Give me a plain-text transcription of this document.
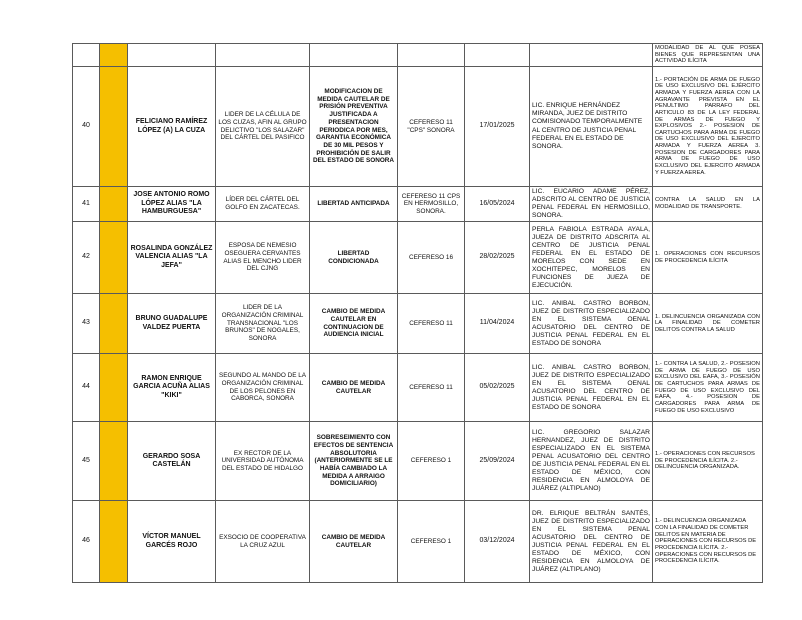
								MODALIDAD DE AL QUE POSEA BIENES QUE REPRESENTAN UNA ACTIVIDAD ILÍCITA
40		FELICIANO RAMÍREZ LÓPEZ (A) LA CUZA	LIDER DE LA CÉLULA DE LOS CUZAS, AFIN AL GRUPO DELICTIVO "LOS SALAZAR" DEL CÁRTEL DEL PASIFICO	MODIFICACION DE MEDIDA CAUTELAR DE PRISIÓN PREVENTIVA JUSTIFICADA A PRESENTACION PERIODICA POR MES, GARANTIA ECONÓMICA DE 30 MIL PESOS Y PROHIBICIÓN DE SALIR DEL ESTADO DE SONORA	CEFERESO 11 "CPS" SONORA	17/01/2025	LIC. ENRIQUE HERNÁNDEZ MIRANDA, JUEZ DE DISTRITO COMISIONADO TEMPORALMENTE AL CENTRO DE JUSTICIA PENAL FEDERAL EN EL ESTADO DE SONORA.	1.- PORTACIÓN DE ARMA DE FUEGO DE USO EXCLUSIVO DEL EJÉRCITO ARMADA Y FUERZA AEREA CON LA AGRAVANTE PREVISTA EN EL PENULTIMO PARRAFO DEL ARTICULO 83 DE LA LEY FEDERAL DE ARMAS DE FUEGO Y EXPLOSIVOS 2.- POSESION DE CARTUCHOS PARA ARMA DE FUEGO DE USO EXCLUSIVO DEL EJERCITO ARMADA Y FUERZA AEREA 3. POSESION DE CARGADORES PARA ARMA DE FUEGO DE USO EXCLUSIVO DEL EJERCITO ARMADA Y FUERZA AEREA.
41		JOSE ANTONIO ROMO LÓPEZ ALIAS "LA HAMBURGUESA"	LÍDER DEL CÁRTEL DEL GOLFO EN ZACATECAS.	LIBERTAD ANTICIPADA	CEFERESO 11 CPS EN HERMOSILLO, SONORA.	16/05/2024	LIC. EUCARIO ADAME PÉREZ, ADSCRITO AL CENTRO DE JUSTICIA PENAL FEDERAL EN HERMOSILLO, SONORA.	CONTRA LA SALUD EN LA MODALIDAD DE TRANSPORTE.
42		ROSALINDA GONZÁLEZ VALENCIA ALIAS "LA JEFA"	ESPOSA DE NEMESIO OSEGUERA CERVANTES ALIAS EL MENCHO LIDER DEL CJNG	LIBERTAD CONDICIONADA	CEFERESO 16	28/02/2025	PERLA FABIOLA ESTRADA AYALA, JUEZA DE DISTRITO ADSCRITA AL CENTRO DE JUSTICIA PENAL FEDERAL EN EL ESTADO DE MORELOS CON SEDE EN XOCHITEPEC, MORELOS EN FUNCIONES DE JUEZA DE EJECUCIÓN.	1. OPERACIONES CON RECURSOS DE PROCEDENCIA ILÍCITA
43		BRUNO GUADALUPE VALDEZ PUERTA	LIDER DE LA ORGANIZACIÓN CRIMINAL TRANSNACIONAL "LOS BRUNOS" DE NOGALES, SONORA	CAMBIO DE MEDIDA CAUTELAR EN CONTINUACION DE AUDIENCIA INICIAL	CEFERESO 11	11/04/2024	LIC. ANIBAL CASTRO BORBON, JUEZ DE DISTRITO ESPECIALIZADO EN EL SISTEMA OENAL ACUSATORIO DEL CENTRO DE JUSTICIA PENAL FEDERAL EN EL ESTADO DE SONORA	1. DELINCUENCIA ORGANIZADA CON LA FINALIDAD DE COMETER DELITOS CONTRA LA SALUD
44		RAMON ENRIQUE GARCIA ACUÑA ALIAS "KIKI"	SEGUNDO AL MANDO DE LA ORGANIZACIÓN CRIMINAL DE LOS PELONES EN CABORCA, SONORA	CAMBIO DE MEDIDA CAUTELAR	CEFERESO 11	05/02/2025	LIC. ANIBAL CASTRO BORBON, JUEZ DE DISTRITO ESPECIALIZADO EN EL SISTEMA OENAL ACUSATORIO DEL CENTRO DE JUSTICIA PENAL FEDERAL EN EL ESTADO DE SONORA	1.- CONTRA LA SALUD, 2.- POSESION DE ARMA DE FUEGO DE USO EXCLUSIVO DEL EAFA, 3.- POSESIÓN DE CARTUCHOS PARA ARMAS DE FUEGO DE USO EXCLUSIVO DEL EAFA, 4.- POSESION DE CARGADORES PARA ARMA DE FUEGO DE USO EXCLUSIVO
45		GERARDO SOSA CASTELÁN	EX RECTOR DE LA UNIVERSIDAD AUTÓNOMA DEL ESTADO DE HIDALGO	SOBRESEIMIENTO CON EFECTOS DE SENTENCIA ABSOLUTORIA (ANTERIORMENTE SE LE HABÍA CAMBIADO LA MEDIDA A ARRAIGO DOMICILIARIO)	CEFERESO 1	25/09/2024	LIC. GREGORIO SALAZAR HERNANDEZ, JUEZ DE DISTRITO ESPECIALIZADO EN EL SISTEMA PENAL ACUSATORIO DEL CENTRO DE JUSTICIA PENAL FEDERAL EN EL ESTADO DE MÉXICO, CON RESIDENCIA EN ALMOLOYA DE JUÁREZ (ALTIPLANO)	1.- OPERACIONES CON RECURSOS DE PROCEDENCIA ILÍCITA. 2.-DELINCUENCIA ORGANIZADA.
46		VÍCTOR MANUEL GARCÉS ROJO	EXSOCIO DE COOPERATIVA LA CRUZ AZUL	CAMBIO DE MEDIDA CAUTELAR	CEFERESO 1	03/12/2024	DR. ELRIQUE BELTRÁN SANTÉS, JUEZ DE DISTRITO ESPECIALIZADO EN EL SISTEMA PENAL ACUSATORIO DEL CENTRO DE JUSTICIA PENAL FEDERAL EN EL ESTADO DE MÉXICO, CON RESIDENCIA EN ALMOLOYA DE JUÁREZ (ALTIPLANO)	1.- DELINCUENCIA ORGANIZADA CON LA FINALIDAD DE COMETER DELITOS EN MATERIA DE OPERACIONES CON RECURSOS DE PROCEDENCIA ILÍCITA. 2.- OPERACIONES CON RECURSOS DE PROCEDENCIA ILÍCITA.
